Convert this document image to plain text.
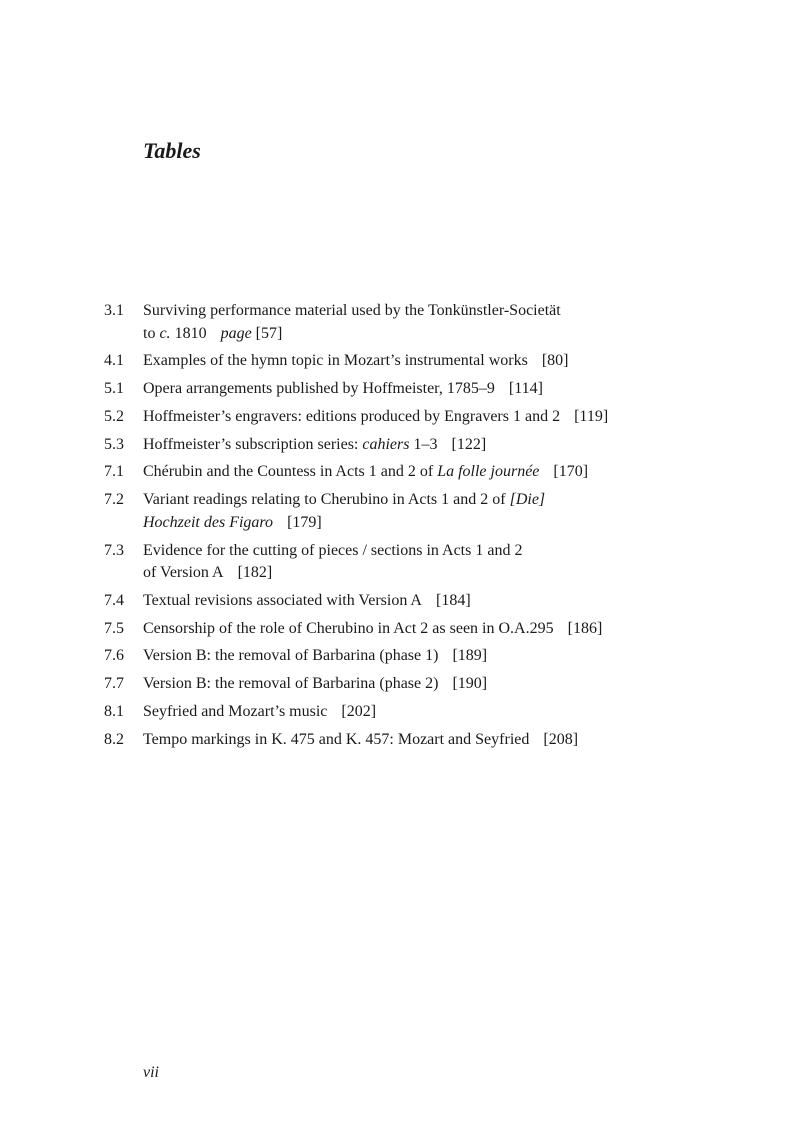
Tables
3.1	Surviving performance material used by the Tonkünstler-Societät
to c. 1810 page [57]
4.1	Examples of the hymn topic in Mozart’s instrumental works [80]
5.1	Opera arrangements published by Hoffmeister, 1785–9 [114]
5.2	Hoffmeister’s engravers: editions produced by Engravers 1 and 2 [119]
5.3	Hoffmeister’s subscription series: cahiers 1–3 [122]
7.1	Chérubin and the Countess in Acts 1 and 2 of La folle journée [170]
7.2	Variant readings relating to Cherubino in Acts 1 and 2 of [Die]
Hochzeit des Figaro [179]
7.3	Evidence for the cutting of pieces / sections in Acts 1 and 2
of Version A [182]
7.4	Textual revisions associated with Version A [184]
7.5	Censorship of the role of Cherubino in Act 2 as seen in O.A.295 [186]
7.6	Version B: the removal of Barbarina (phase 1) [189]
7.7	Version B: the removal of Barbarina (phase 2) [190]
8.1	Seyfried and Mozart’s music [202]
8.2	Tempo markings in K. 475 and K. 457: Mozart and Seyfried [208]

vii
